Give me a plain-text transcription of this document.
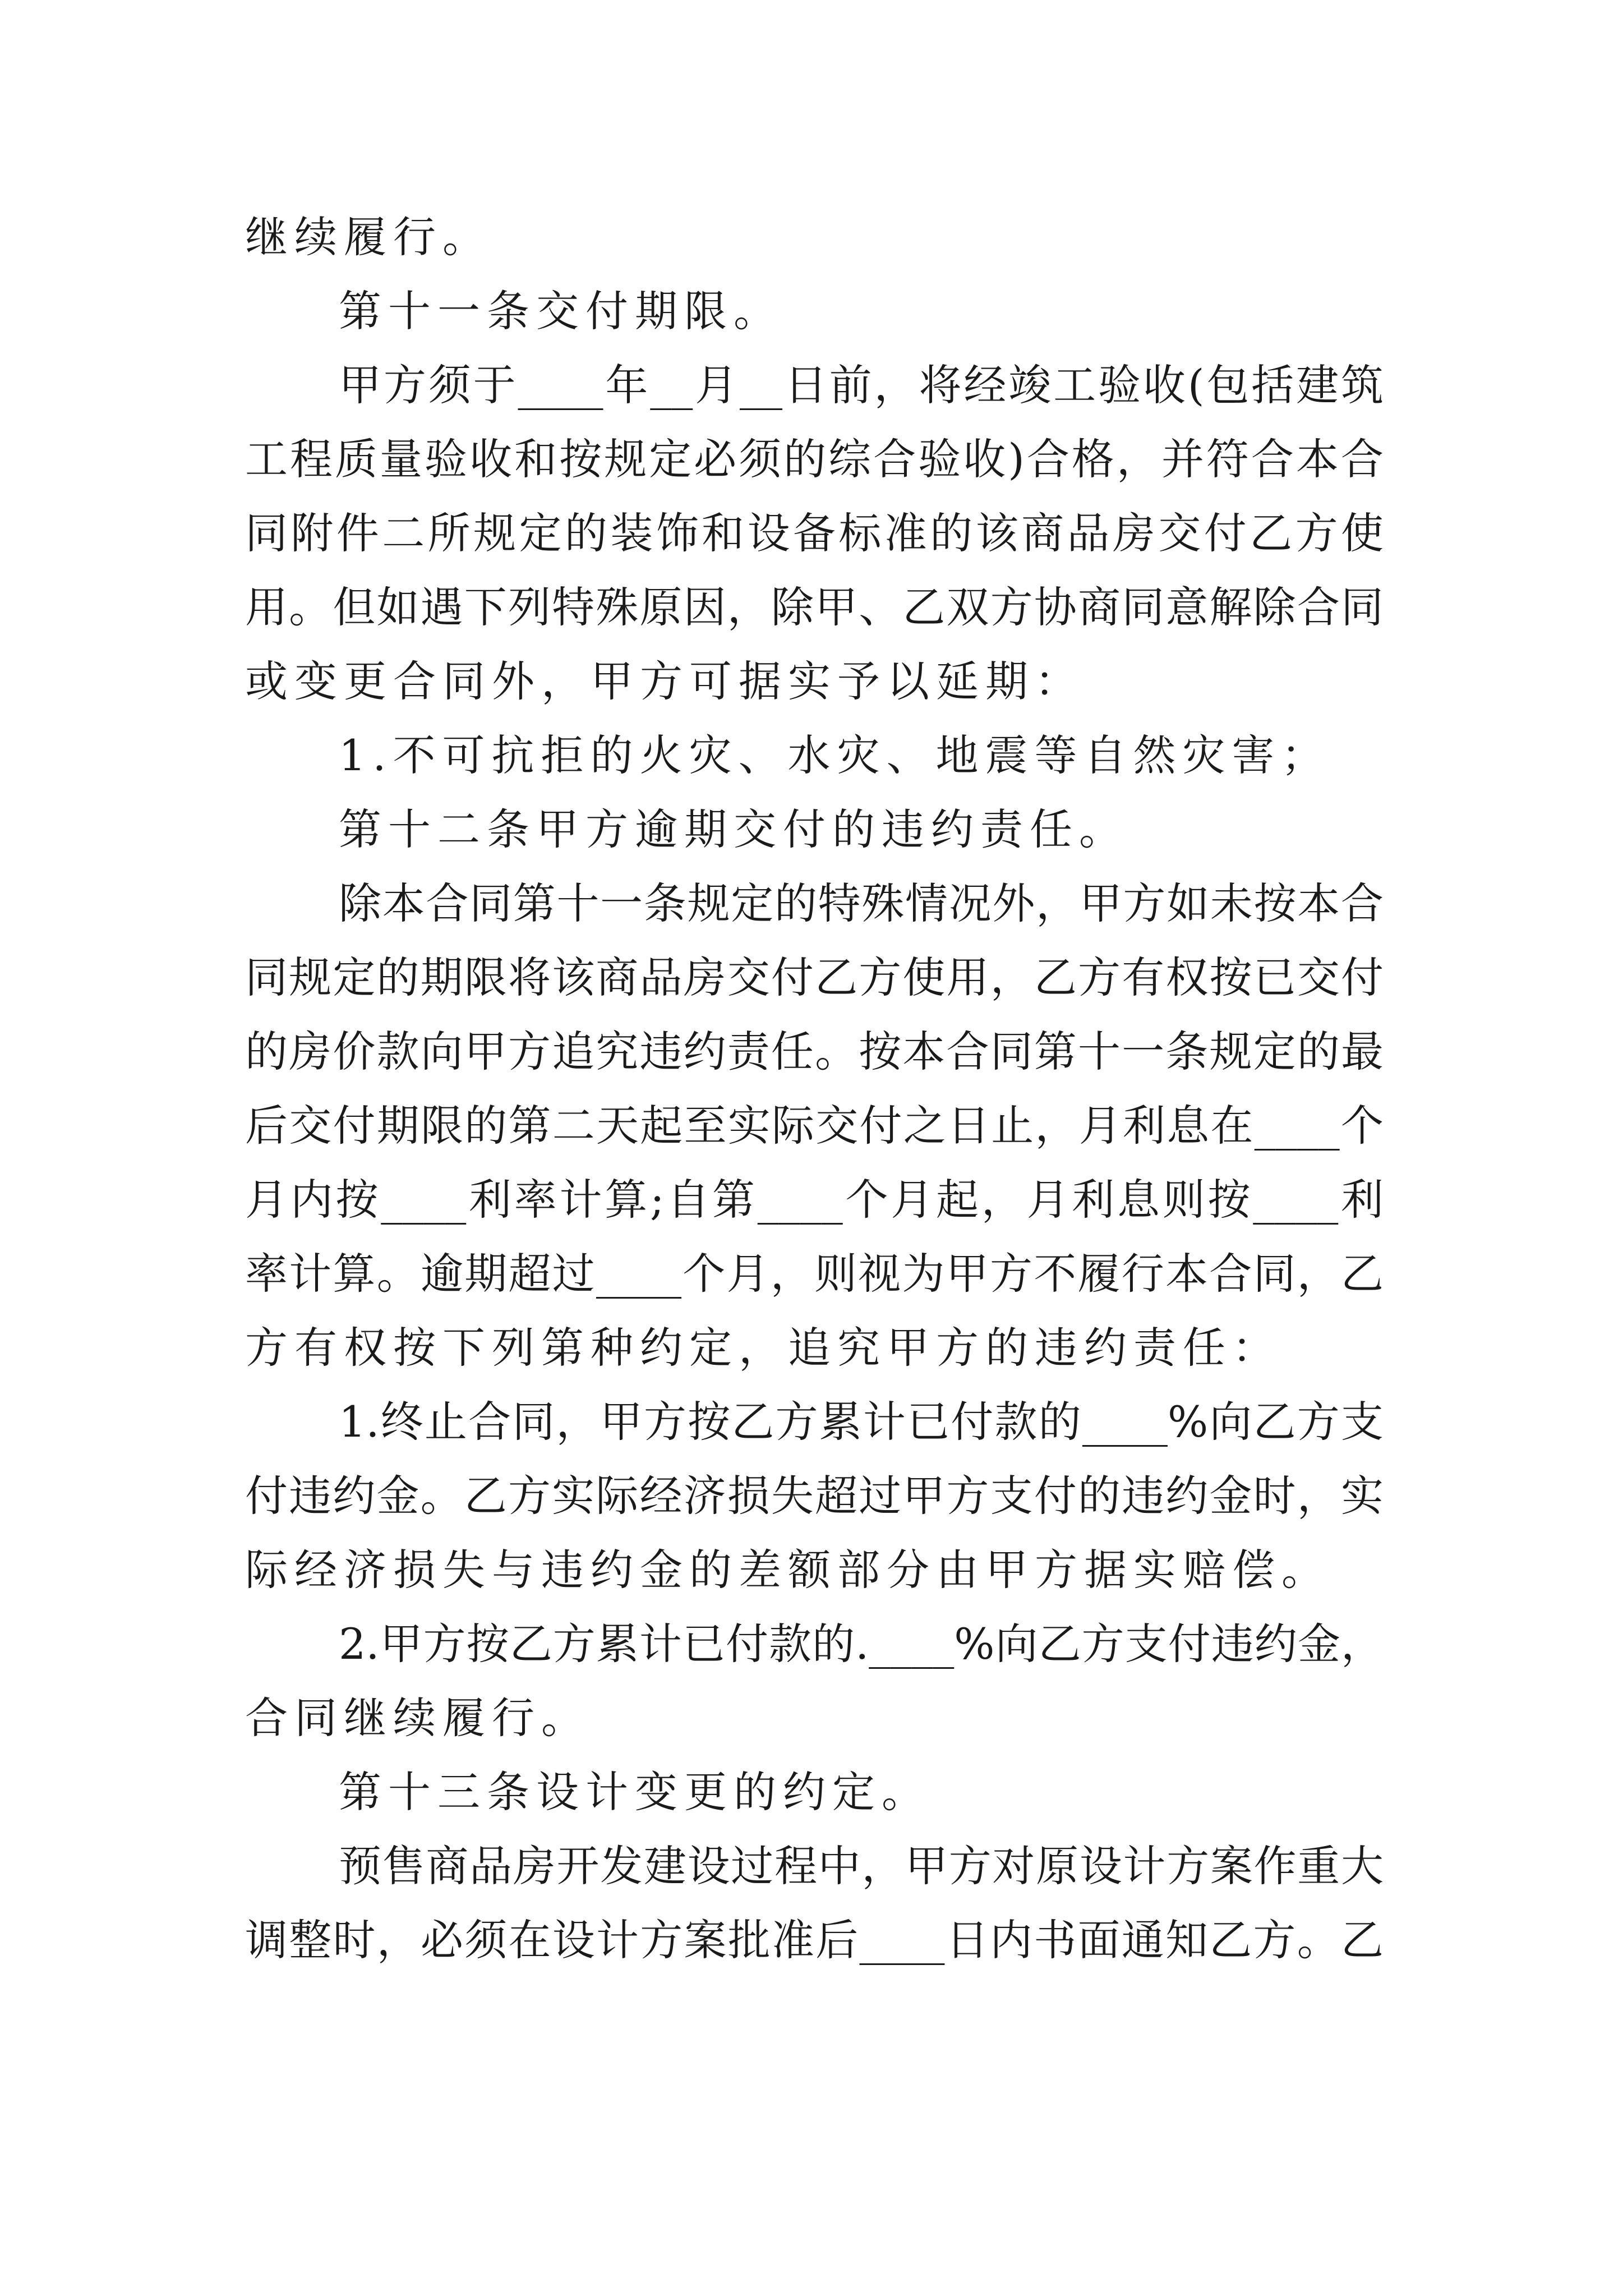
继续履行。
第十一条交付期限。
甲方须于____年__月__日前，将经竣工验收(包括建筑
工程质量验收和按规定必须的综合验收)合格，并符合本合
同附件二所规定的装饰和设备标准的该商品房交付乙方使
用。但如遇下列特殊原因，除甲、乙双方协商同意解除合同
或变更合同外，甲方可据实予以延期：
1.不可抗拒的火灾、水灾、地震等自然灾害；
第十二条甲方逾期交付的违约责任。
除本合同第十一条规定的特殊情况外，甲方如未按本合
同规定的期限将该商品房交付乙方使用，乙方有权按已交付
的房价款向甲方追究违约责任。按本合同第十一条规定的最
后交付期限的第二天起至实际交付之日止，月利息在____个
月内按____利率计算;自第____个月起，月利息则按____利
率计算。逾期超过____个月，则视为甲方不履行本合同，乙
方有权按下列第种约定，追究甲方的违约责任：
1.终止合同，甲方按乙方累计已付款的____%向乙方支
付违约金。乙方实际经济损失超过甲方支付的违约金时，实
际经济损失与违约金的差额部分由甲方据实赔偿。
2.甲方按乙方累计已付款的.____%向乙方支付违约金，
合同继续履行。
第十三条设计变更的约定。
预售商品房开发建设过程中，甲方对原设计方案作重大
调整时，必须在设计方案批准后____日内书面通知乙方。乙
